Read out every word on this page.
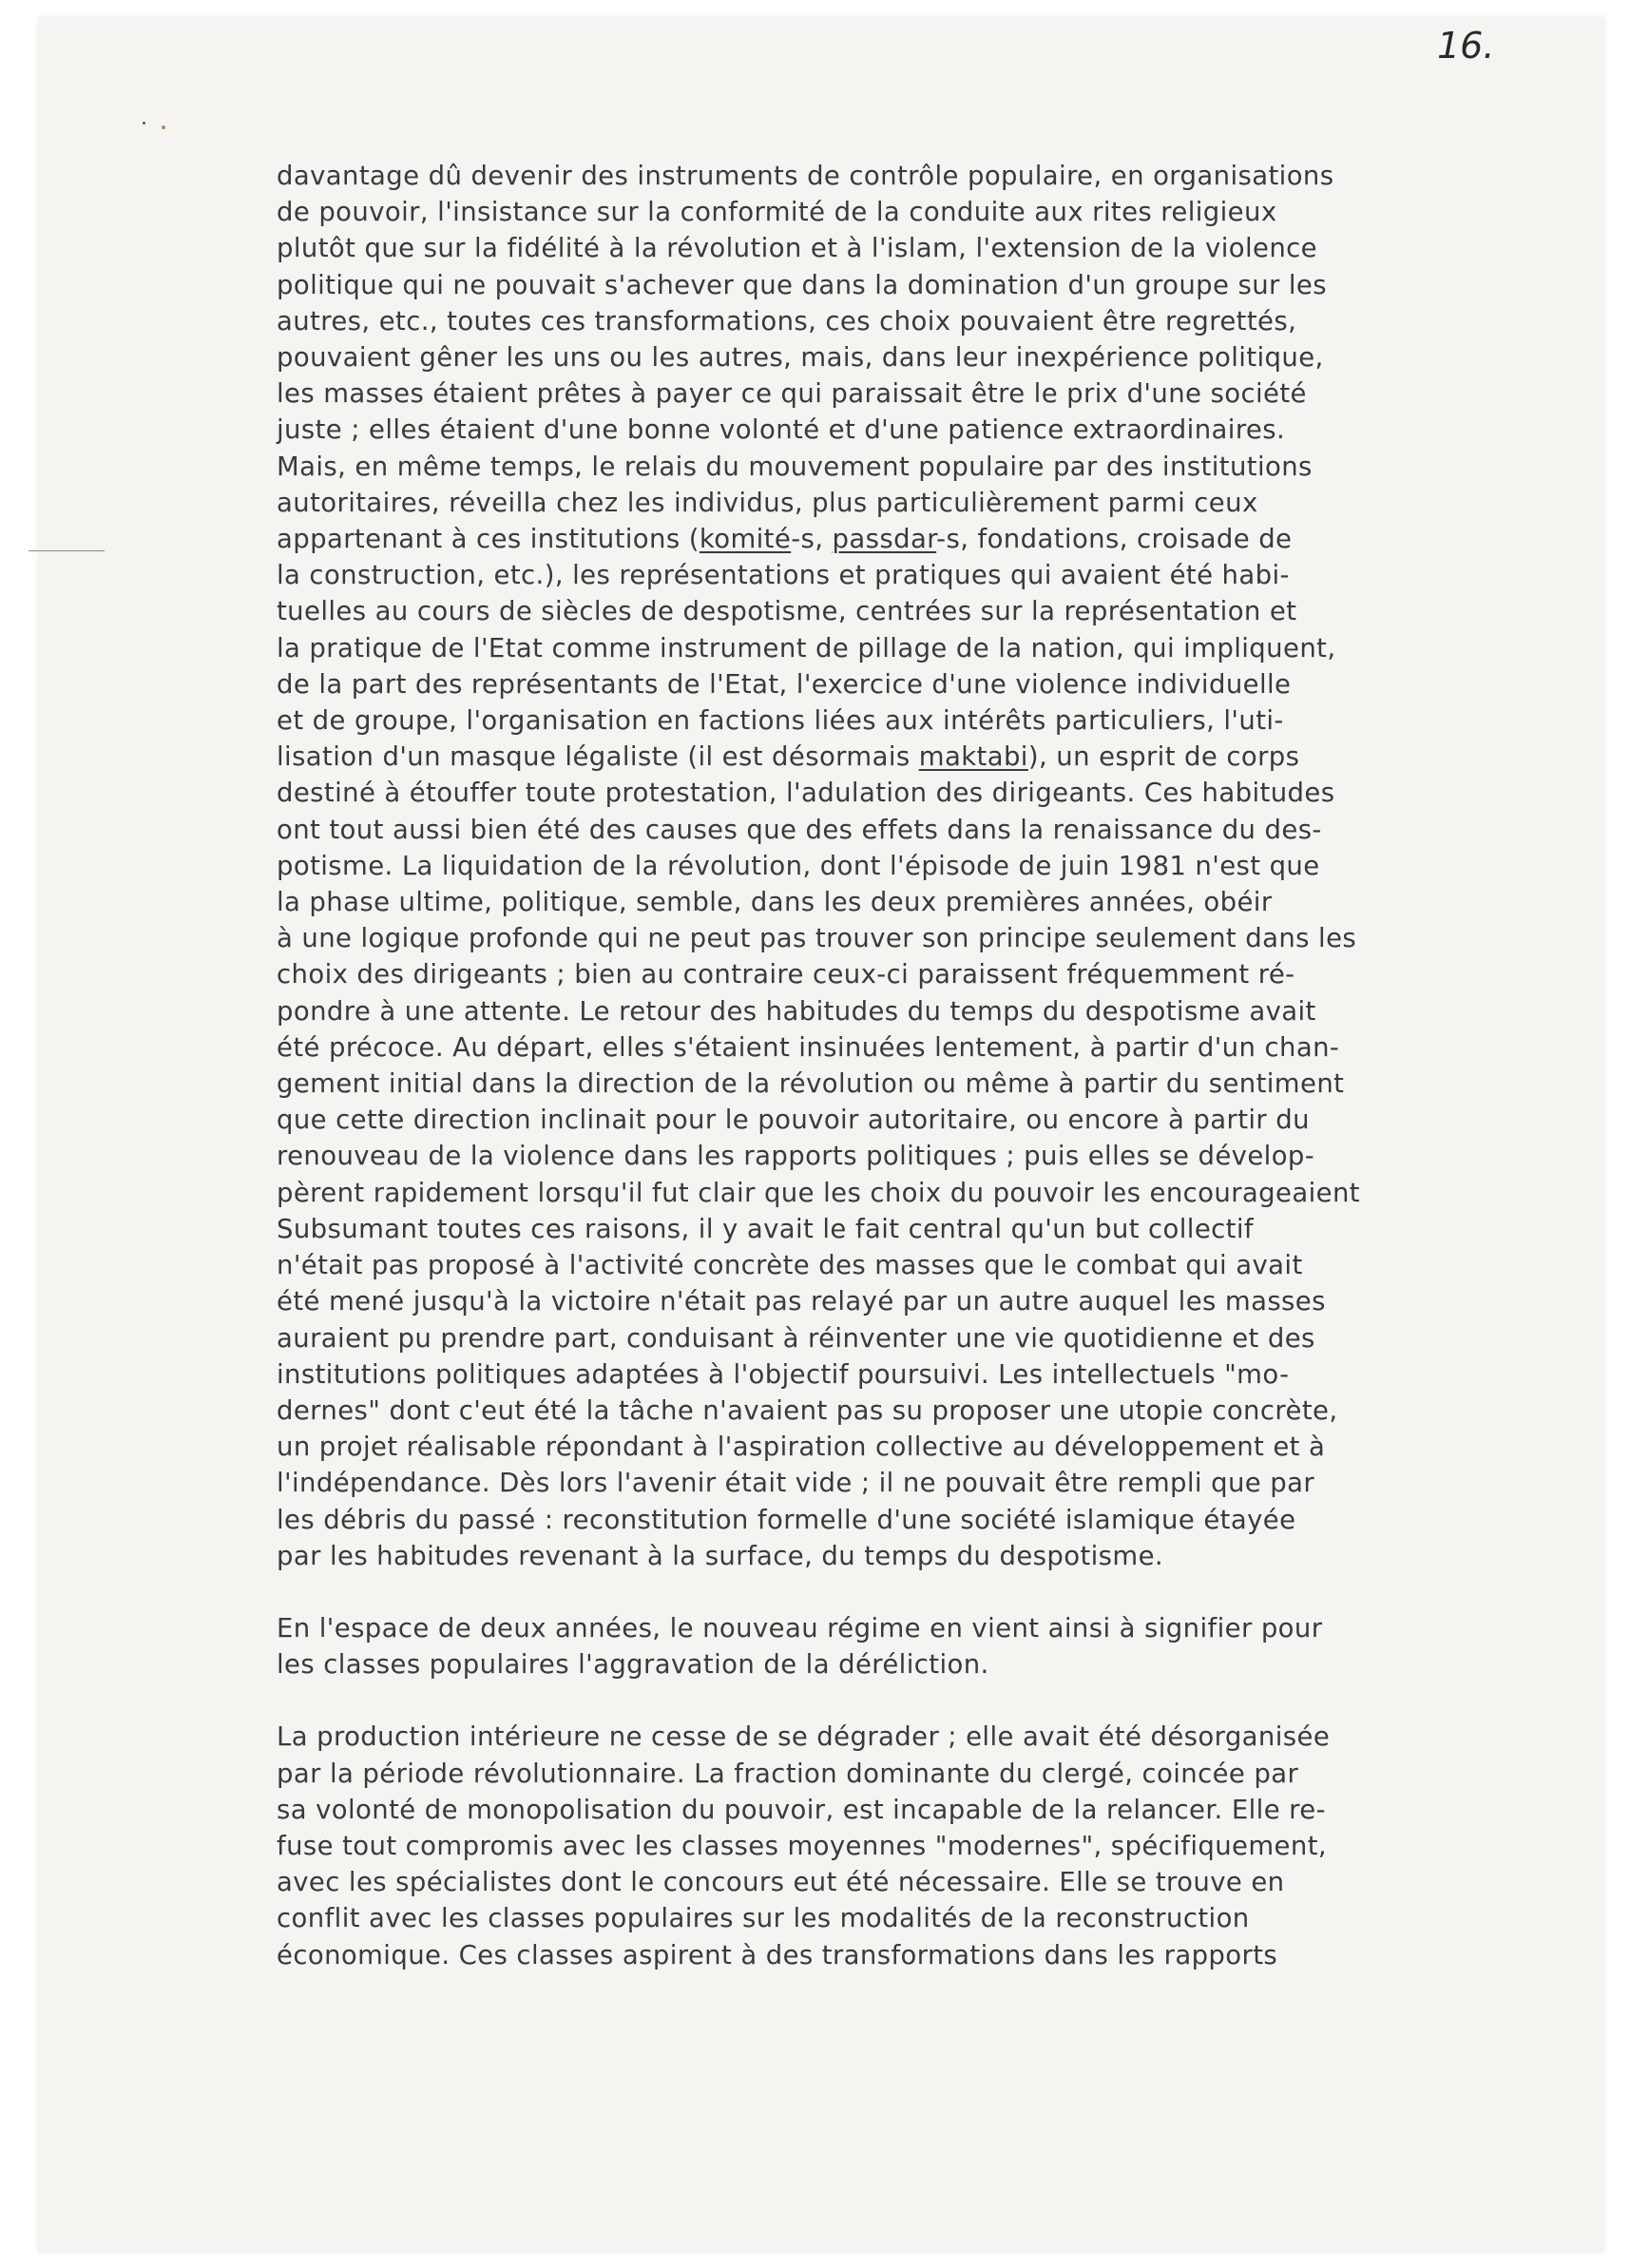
16.

davantage dû devenir des instruments de contrôle populaire, en organisations

de pouvoir, l'insistance sur la conformité de la conduite aux rites religieux

plutôt que sur la fidélité à la révolution et à l'islam, l'extension de la violence

politique qui ne pouvait s'achever que dans la domination d'un groupe sur les

autres, etc., toutes ces transformations, ces choix pouvaient être regrettés,

pouvaient gêner les uns ou les autres, mais, dans leur inexpérience politique,

les masses étaient prêtes à payer ce qui paraissait être le prix d'une société

juste ; elles étaient d'une bonne volonté et d'une patience extraordinaires.

Mais, en même temps, le relais du mouvement populaire par des institutions

autoritaires, réveilla chez les individus, plus particulièrement parmi ceux

appartenant à ces institutions (komité-s, passdar-s, fondations, croisade de

la construction, etc.), les représentations et pratiques qui avaient été habi-

tuelles au cours de siècles de despotisme, centrées sur la représentation et

la pratique de l'Etat comme instrument de pillage de la nation, qui impliquent,

de la part des représentants de l'Etat, l'exercice d'une violence individuelle

et de groupe, l'organisation en factions liées aux intérêts particuliers, l'uti-

lisation d'un masque légaliste (il est désormais maktabi), un esprit de corps

destiné à étouffer toute protestation, l'adulation des dirigeants. Ces habitudes

ont tout aussi bien été des causes que des effets dans la renaissance du des-

potisme. La liquidation de la révolution, dont l'épisode de juin 1981 n'est que

la phase ultime, politique, semble, dans les deux premières années, obéir

à une logique profonde qui ne peut pas trouver son principe seulement dans les

choix des dirigeants ; bien au contraire ceux-ci paraissent fréquemment ré-

pondre à une attente. Le retour des habitudes du temps du despotisme avait

été précoce. Au départ, elles s'étaient insinuées lentement, à partir d'un chan-

gement initial dans la direction de la révolution ou même à partir du sentiment

que cette direction inclinait pour le pouvoir autoritaire, ou encore à partir du

renouveau de la violence dans les rapports politiques ; puis elles se dévelop-

pèrent rapidement lorsqu'il fut clair que les choix du pouvoir les encourageaient

Subsumant toutes ces raisons, il y avait le fait central qu'un but collectif

n'était pas proposé à l'activité concrète des masses que le combat qui avait

été mené jusqu'à la victoire n'était pas relayé par un autre auquel les masses

auraient pu prendre part, conduisant à réinventer une vie quotidienne et des

institutions politiques adaptées à l'objectif poursuivi. Les intellectuels "mo-

dernes" dont c'eut été la tâche n'avaient pas su proposer une utopie concrète,

un projet réalisable répondant à l'aspiration collective au développement et à

l'indépendance. Dès lors l'avenir était vide ; il ne pouvait être rempli que par

les débris du passé : reconstitution formelle d'une société islamique étayée

par les habitudes revenant à la surface, du temps du despotisme.

En l'espace de deux années, le nouveau régime en vient ainsi à signifier pour

les classes populaires l'aggravation de la déréliction.

La production intérieure ne cesse de se dégrader ; elle avait été désorganisée

par la période révolutionnaire. La fraction dominante du clergé, coincée par

sa volonté de monopolisation du pouvoir, est incapable de la relancer. Elle re-

fuse tout compromis avec les classes moyennes "modernes", spécifiquement,

avec les spécialistes dont le concours eut été nécessaire. Elle se trouve en

conflit avec les classes populaires sur les modalités de la reconstruction

économique. Ces classes aspirent à des transformations dans les rapports
